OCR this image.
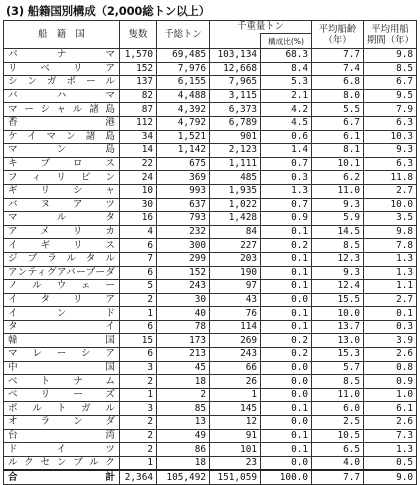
(3) 船籍国別構成（2,000総トン以上）
船　籍　国	隻数	千総トン	千重量トン		平均船齢（年）	平均用船期間（年）
				構成比(%)		
パナマ	1,570	69,485	103,134	68.3	7.7	9.8
リベリア	152	7,976	12,668	8.4	7.4	8.5
シンガポール	137	6,155	7,965	5.3	6.8	6.7
バハマ	82	4,488	3,115	2.1	8.0	9.5
マーシャル諸島	87	4,392	6,373	4.2	5.5	7.9
香港	112	4,792	6,789	4.5	6.7	6.3
ケイマン諸島	34	1,521	901	0.6	6.1	10.3
マン島	14	1,142	2,123	1.4	8.1	9.3
キプロス	22	675	1,111	0.7	10.1	6.3
フィリピン	24	369	485	0.3	6.2	11.8
ギリシャ	10	993	1,935	1.3	11.0	2.7
バヌアツ	30	637	1,022	0.7	9.3	10.0
マルタ	16	793	1,428	0.9	5.9	3.5
アメリカ	4	232	84	0.1	14.5	9.8
イギリス	6	300	227	0.2	8.5	7.8
ジブラルタル	7	299	203	0.1	12.3	1.3
アンティグアバーブーダ	6	152	190	0.1	9.3	1.3
ノルウェー	5	243	97	0.1	12.4	1.1
イタリア	2	30	43	0.0	15.5	2.7
インド	1	40	76	0.1	10.0	0.1
タイ	6	78	114	0.1	13.7	0.3
韓国	15	173	269	0.2	13.0	3.9
マレーシア	6	213	243	0.2	15.3	2.6
中国	3	45	66	0.0	5.7	0.8
ベトナム	2	18	26	0.0	8.5	0.9
ベリーズ	1	2	1	0.0	11.0	1.0
ポルトガル	3	85	145	0.1	6.0	6.1
オランダ	2	13	12	0.0	2.5	2.6
台湾	2	49	91	0.1	10.5	7.3
ドイツ	2	86	101	0.1	6.5	1.3
ルクセンブルク	1	18	23	0.0	4.0	0.5
合計	2,364	105,492	151,059	100.0	7.7	9.0
